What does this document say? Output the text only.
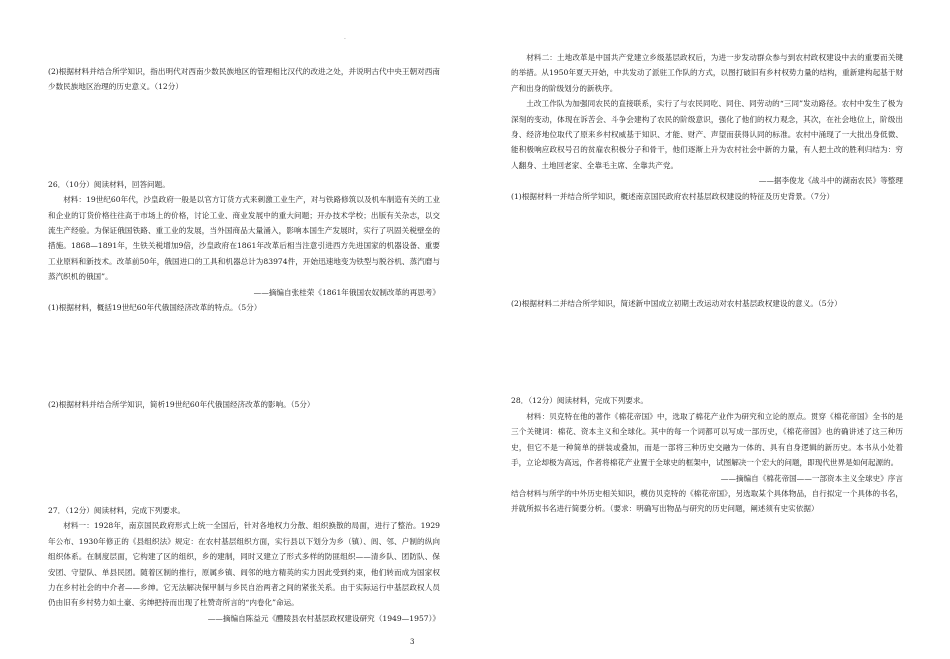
·

(2)根据材料并结合所学知识，指出明代对西南少数民族地区的管理相比汉代的改进之处，并说明古代中央王朝对西南少数民族地区治理的历史意义。（12分）

26．（10分）阅读材料，回答问题。

材料：19世纪60年代，沙皇政府一般是以官方订货方式来刺激工业生产，对与铁路修筑以及机车制造有关的工业和企业的订货价格往往高于市场上的价格，讨论工业、商业发展中的重大问题；开办技术学校；出版有关杂志，以交流生产经验。为保证俄国铁路、重工业的发展，当外国商品大量涌入，影响本国生产发展时，实行了巩固关税壁垒的措施。1868—1891年，生铁关税增加9倍，沙皇政府在1861年改革后相当注意引进西方先进国家的机器设备、重要工业原料和新技术。改革前50年，俄国进口的工具和机器总计为83974件，开始迅速地变为铁型与脱谷机、蒸汽磨与蒸汽织机的俄国”。

——摘编自张桂荣《1861年俄国农奴制改革的再思考》

(1)根据材料，概括19世纪60年代俄国经济改革的特点。（5分）

(2)根据材料并结合所学知识，简析19世纪60年代俄国经济改革的影响。（5分）

27．（12分）阅读材料，完成下列要求。

材料一：1928年，南京国民政府形式上统一全国后，针对各地权力分散、组织换散的局面，进行了整治。1929年公布、1930年修正的《县组织法》规定：在农村基层组织方面，实行县以下划分为乡（镇）、闾、邻、户制的纵向组织体系。在制度层面，它构建了区的组织，乡的建制，同时又建立了形式多样的防匪组织——清乡队、团防队、保安团、守望队、单县民团。随着区制的推行，原属乡镇、闾邻的地方精英的实力因此受到约束，他们转而成为国家权力在乡村社会的中介者——乡绅。它无法解决保甲制与乡民自治两者之间的紧张关系。由于实际运行中基层政权人员仍由旧有乡村势力如土豪、劣绅把持而出现了杜赞奇所言的“内卷化”命运。

——摘编自陈益元《醴陵县农村基层政权建设研究（1949—1957）》

材料二：土地改革是中国共产党建立乡级基层政权后，为进一步发动群众参与到农村政权建设中去的重要而关键的举措。从1950年夏天开始，中共发动了派驻工作队的方式，以图打破旧有乡村权势力量的结构，重新建构起基于财产和出身的阶级划分的新秩序。

土改工作队为加强同农民的直接联系，实行了与农民同吃、同住、同劳动的“三同”发动路径。农村中发生了极为深刻的变动，体现在诉苦会、斗争会建构了农民的阶级意识，强化了他们的权力观念，其次，在社会地位上，阶级出身、经济地位取代了原来乡村权威基于知识、才能、财产、声望而获得认同的标准。农村中涌现了一大批出身低微、能积极响应政权号召的贫雇农积极分子和骨干，他们逐渐上升为农村社会中新的力量，有人把土改的胜利归结为：穷人翻身、土地回老家、全靠毛主席、全靠共产党。

——据李俊龙《战斗中的湖南农民》等整理

(1)根据材料一并结合所学知识，概述南京国民政府农村基层政权建设的特征及历史背景。（7分）

(2)根据材料二并结合所学知识，简述新中国成立初期土改运动对农村基层政权建设的意义。（5分）

28．（12分）阅读材料，完成下列要求。

材料：贝克特在他的著作《棉花帝国》中，选取了棉花产业作为研究和立论的原点。贯穿《棉花帝国》全书的是三个关键词：棉花、资本主义和全球化。其中的每一个词都可以写成一部历史，《棉花帝国》也的确讲述了这三种历史，但它不是一种简单的拼装或叠加，而是一部将三种历史交融为一体的、具有自身逻辑的新历史。本书从小处着手，立论却极为高远，作者将棉花产业置于全球史的框架中，试图解决一个宏大的问题，即现代世界是如何起源的。

——摘编自《棉花帝国——一部资本主义全球史》序言

结合材料与所学的中外历史相关知识，模仿贝克特的《棉花帝国》，另选取某个具体物品，自行拟定一个具体的书名，并就所拟书名进行简要分析。（要求：明确写出物品与研究的历史问题，阐述须有史实依据）

3
